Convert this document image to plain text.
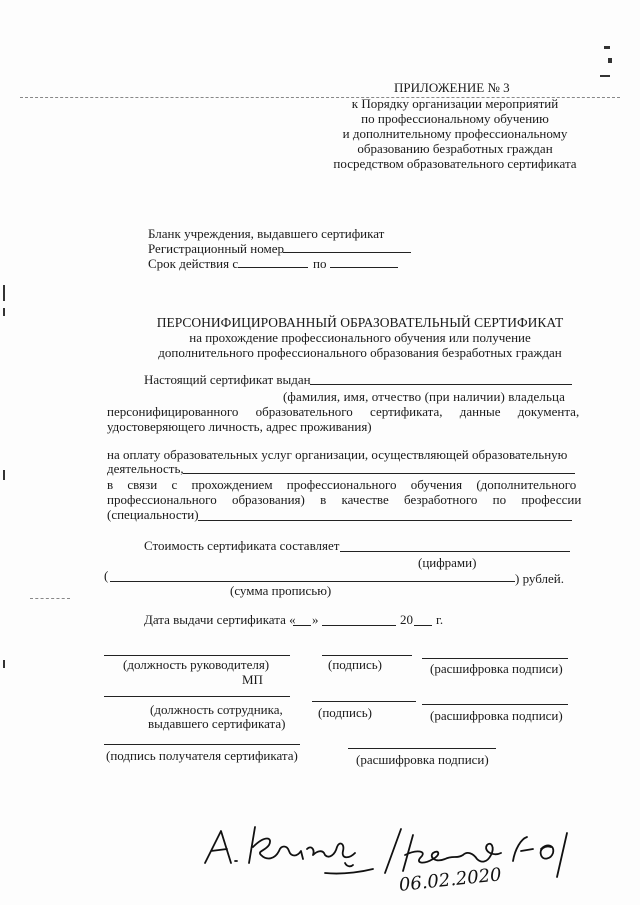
ПРИЛОЖЕНИЕ № 3
к Порядку организации мероприятий
по профессиональному обучению
и дополнительному профессиональному
образованию безработных граждан
посредством образовательного сертификата
Бланк учреждения, выдавшего сертификат
Регистрационный номер
Срок действия с	по
ПЕРСОНИФИЦИРОВАННЫЙ ОБРАЗОВАТЕЛЬНЫЙ СЕРТИФИКАТ
на прохождение профессионального обучения или получение
дополнительного профессионального образования безработных граждан
Настоящий сертификат выдан
(фамилия, имя, отчество (при наличии) владельца
персонифицированного образовательного сертификата, данные документа,
удостоверяющего личность, адрес проживания)
на оплату образовательных услуг организации, осуществляющей образовательную
деятельность,
в связи с прохождением профессионального обучения (дополнительного
профессионального образования) в качестве безработного по профессии
(специальности)
Стоимость сертификата составляет
(цифрами)
(	) рублей.
(сумма прописью)
Дата выдачи сертификата « »	20 г.
(должность руководителя)	(подпись)	(расшифровка подписи)
МП
(должность сотрудника,
выдавшего сертификата)
(подпись)	(расшифровка подписи)
(подпись получателя сертификата)	(расшифровка подписи)
06.02.2020
